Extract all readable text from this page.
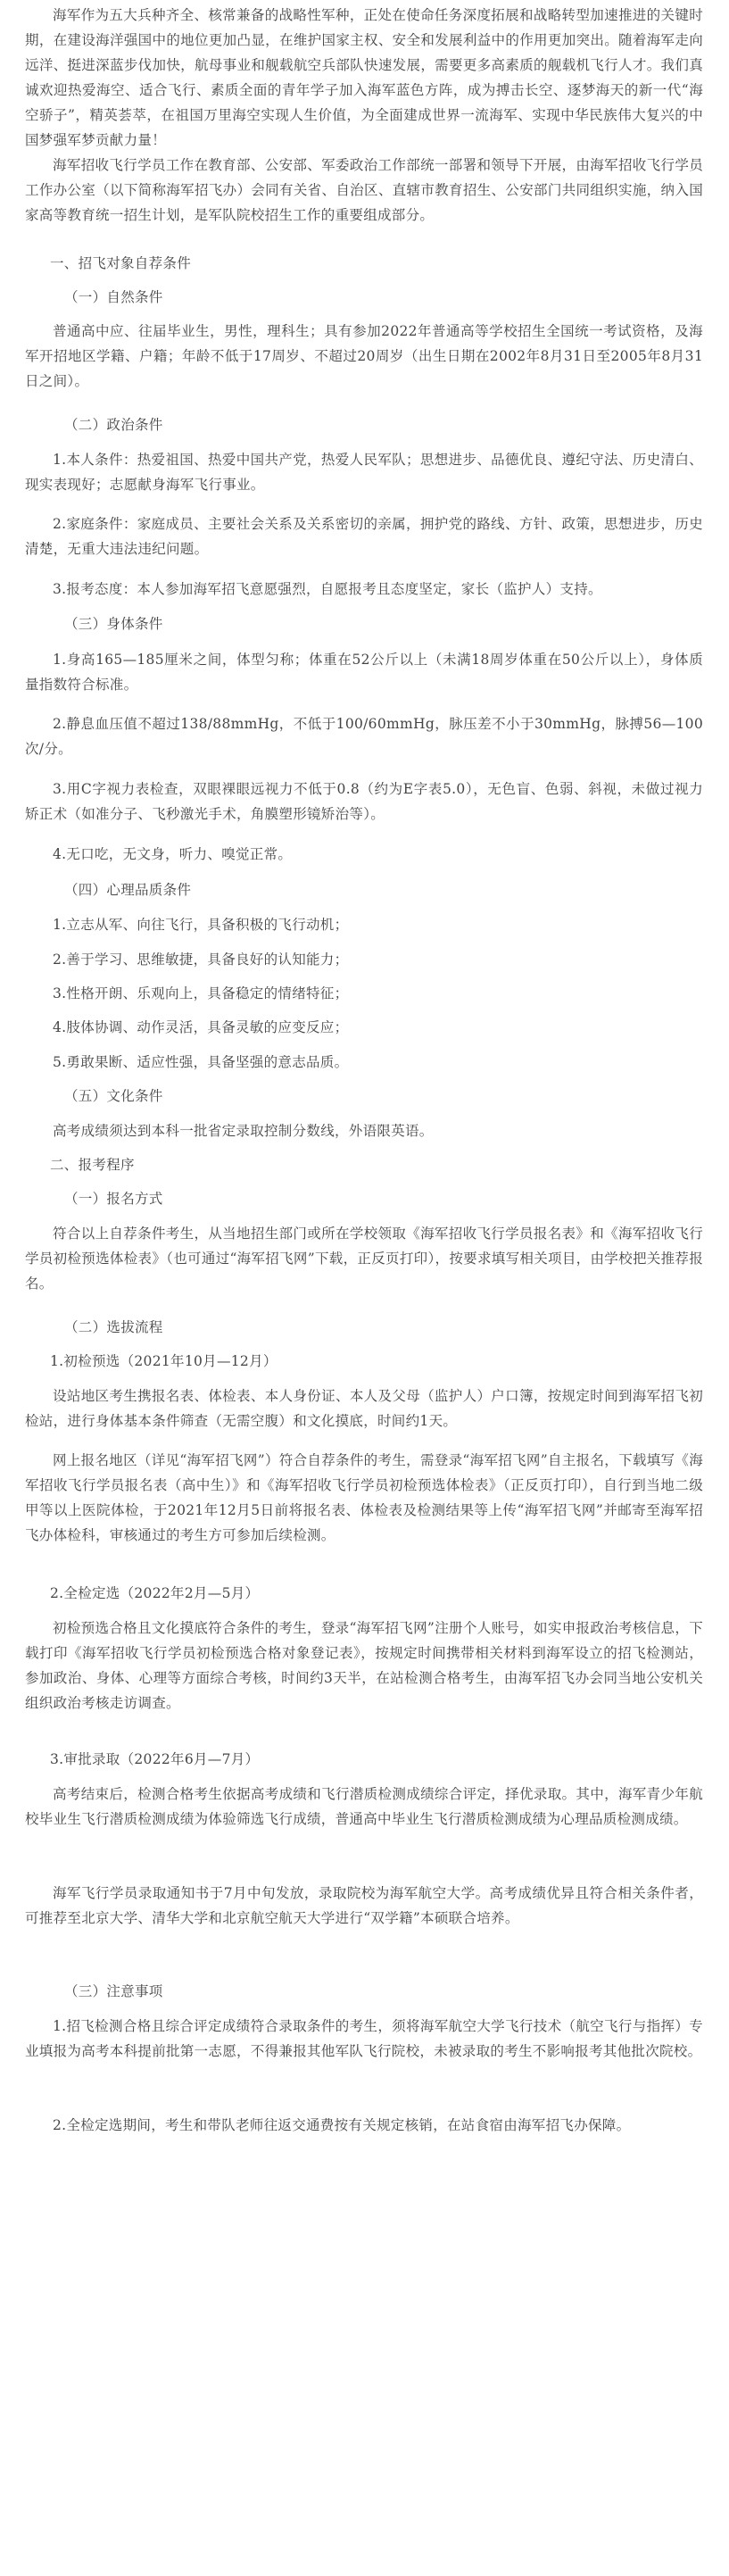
海军作为五大兵种齐全、核常兼备的战略性军种，正处在使命任务深度拓展和战略转型加速推进的关键时期，在建设海洋强国中的地位更加凸显，在维护国家主权、安全和发展利益中的作用更加突出。随着海军走向远洋、挺进深蓝步伐加快，航母事业和舰载航空兵部队快速发展，需要更多高素质的舰载机飞行人才。我们真诚欢迎热爱海空、适合飞行、素质全面的青年学子加入海军蓝色方阵，成为搏击长空、逐梦海天的新一代“海空骄子”，精英荟萃，在祖国万里海空实现人生价值，为全面建成世界一流海军、实现中华民族伟大复兴的中国梦强军梦贡献力量！

海军招收飞行学员工作在教育部、公安部、军委政治工作部统一部署和领导下开展，由海军招收飞行学员工作办公室（以下简称海军招飞办）会同有关省、自治区、直辖市教育招生、公安部门共同组织实施，纳入国家高等教育统一招生计划，是军队院校招生工作的重要组成部分。

一、招飞对象自荐条件

（一）自然条件

普通高中应、往届毕业生，男性，理科生；具有参加2022年普通高等学校招生全国统一考试资格，及海军开招地区学籍、户籍；年龄不低于17周岁、不超过20周岁（出生日期在2002年8月31日至2005年8月31日之间）。

（二）政治条件

1.本人条件：热爱祖国、热爱中国共产党，热爱人民军队；思想进步、品德优良、遵纪守法、历史清白、现实表现好；志愿献身海军飞行事业。

2.家庭条件：家庭成员、主要社会关系及关系密切的亲属，拥护党的路线、方针、政策，思想进步，历史清楚，无重大违法违纪问题。

3.报考态度：本人参加海军招飞意愿强烈，自愿报考且态度坚定，家长（监护人）支持。

（三）身体条件

1.身高165—185厘米之间，体型匀称；体重在52公斤以上（未满18周岁体重在50公斤以上），身体质量指数符合标准。

2.静息血压值不超过138/88mmHg，不低于100/60mmHg，脉压差不小于30mmHg，脉搏56—100次/分。

3.用C字视力表检查，双眼裸眼远视力不低于0.8（约为E字表5.0），无色盲、色弱、斜视，未做过视力矫正术（如准分子、飞秒激光手术，角膜塑形镜矫治等）。

4.无口吃，无文身，听力、嗅觉正常。

（四）心理品质条件

1.立志从军、向往飞行，具备积极的飞行动机；

2.善于学习、思维敏捷，具备良好的认知能力；

3.性格开朗、乐观向上，具备稳定的情绪特征；

4.肢体协调、动作灵活，具备灵敏的应变反应；

5.勇敢果断、适应性强，具备坚强的意志品质。

（五）文化条件

高考成绩须达到本科一批省定录取控制分数线，外语限英语。

二、报考程序

（一）报名方式

符合以上自荐条件考生，从当地招生部门或所在学校领取《海军招收飞行学员报名表》和《海军招收飞行学员初检预选体检表》（也可通过“海军招飞网”下载，正反页打印），按要求填写相关项目，由学校把关推荐报名。

（二）选拔流程

1.初检预选（2021年10月—12月）

设站地区考生携报名表、体检表、本人身份证、本人及父母（监护人）户口簿，按规定时间到海军招飞初检站，进行身体基本条件筛查（无需空腹）和文化摸底，时间约1天。

网上报名地区（详见“海军招飞网”）符合自荐条件的考生，需登录“海军招飞网”自主报名，下载填写《海军招收飞行学员报名表（高中生）》和《海军招收飞行学员初检预选体检表》（正反页打印），自行到当地二级甲等以上医院体检，于2021年12月5日前将报名表、体检表及检测结果等上传“海军招飞网”并邮寄至海军招飞办体检科，审核通过的考生方可参加后续检测。

2.全检定选（2022年2月—5月）

初检预选合格且文化摸底符合条件的考生，登录“海军招飞网”注册个人账号，如实申报政治考核信息，下载打印《海军招收飞行学员初检预选合格对象登记表》，按规定时间携带相关材料到海军设立的招飞检测站，参加政治、身体、心理等方面综合考核，时间约3天半，在站检测合格考生，由海军招飞办会同当地公安机关组织政治考核走访调查。

3.审批录取（2022年6月—7月）

高考结束后，检测合格考生依据高考成绩和飞行潜质检测成绩综合评定，择优录取。其中，海军青少年航校毕业生飞行潜质检测成绩为体验筛选飞行成绩，普通高中毕业生飞行潜质检测成绩为心理品质检测成绩。

海军飞行学员录取通知书于7月中旬发放，录取院校为海军航空大学。高考成绩优异且符合相关条件者，可推荐至北京大学、清华大学和北京航空航天大学进行“双学籍”本硕联合培养。

（三）注意事项

1.招飞检测合格且综合评定成绩符合录取条件的考生，须将海军航空大学飞行技术（航空飞行与指挥）专业填报为高考本科提前批第一志愿，不得兼报其他军队飞行院校，未被录取的考生不影响报考其他批次院校。

2.全检定选期间，考生和带队老师往返交通费按有关规定核销，在站食宿由海军招飞办保障。
